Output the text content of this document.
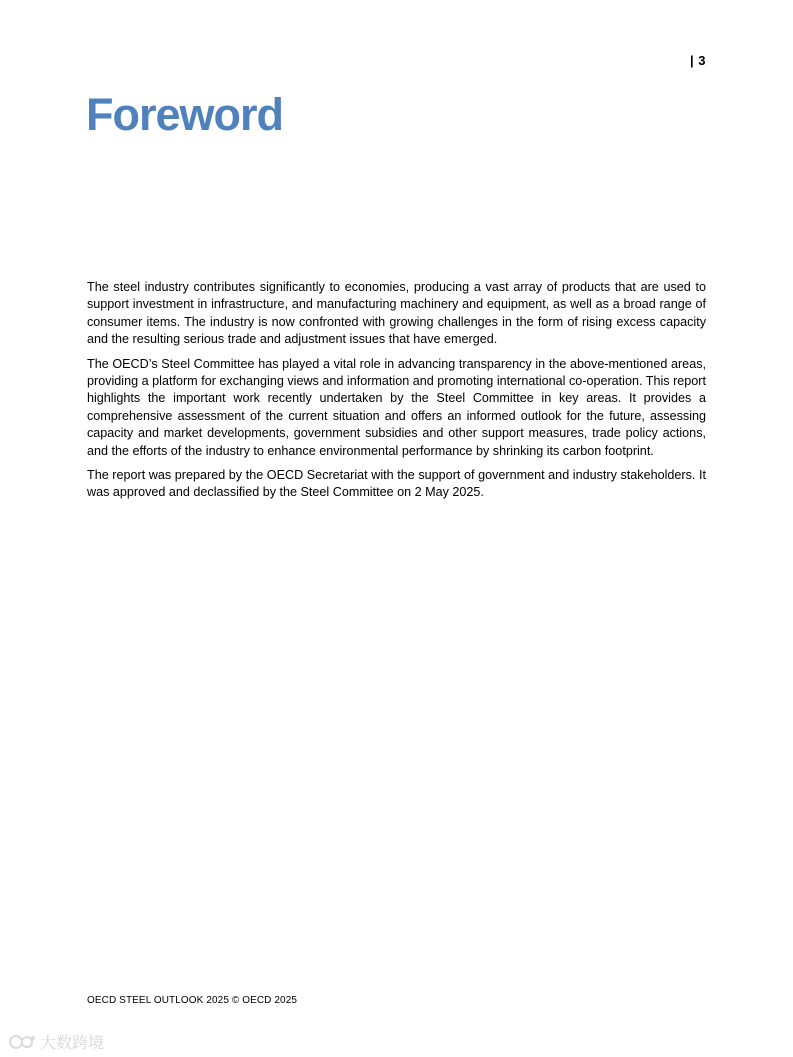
| 3
Foreword

The steel industry contributes significantly to economies, producing a vast array of products that are used to support investment in infrastructure, and manufacturing machinery and equipment, as well as a broad range of consumer items. The industry is now confronted with growing challenges in the form of rising excess capacity and the resulting serious trade and adjustment issues that have emerged.

The OECD’s Steel Committee has played a vital role in advancing transparency in the above-mentioned areas, providing a platform for exchanging views and information and promoting international co-operation. This report highlights the important work recently undertaken by the Steel Committee in key areas. It provides a comprehensive assessment of the current situation and offers an informed outlook for the future, assessing capacity and market developments, government subsidies and other support measures, trade policy actions, and the efforts of the industry to enhance environmental performance by shrinking its carbon footprint.

The report was prepared by the OECD Secretariat with the support of government and industry stakeholders. It was approved and declassified by the Steel Committee on 2 May 2025.

OECD STEEL OUTLOOK 2025 © OECD 2025
大数跨境
